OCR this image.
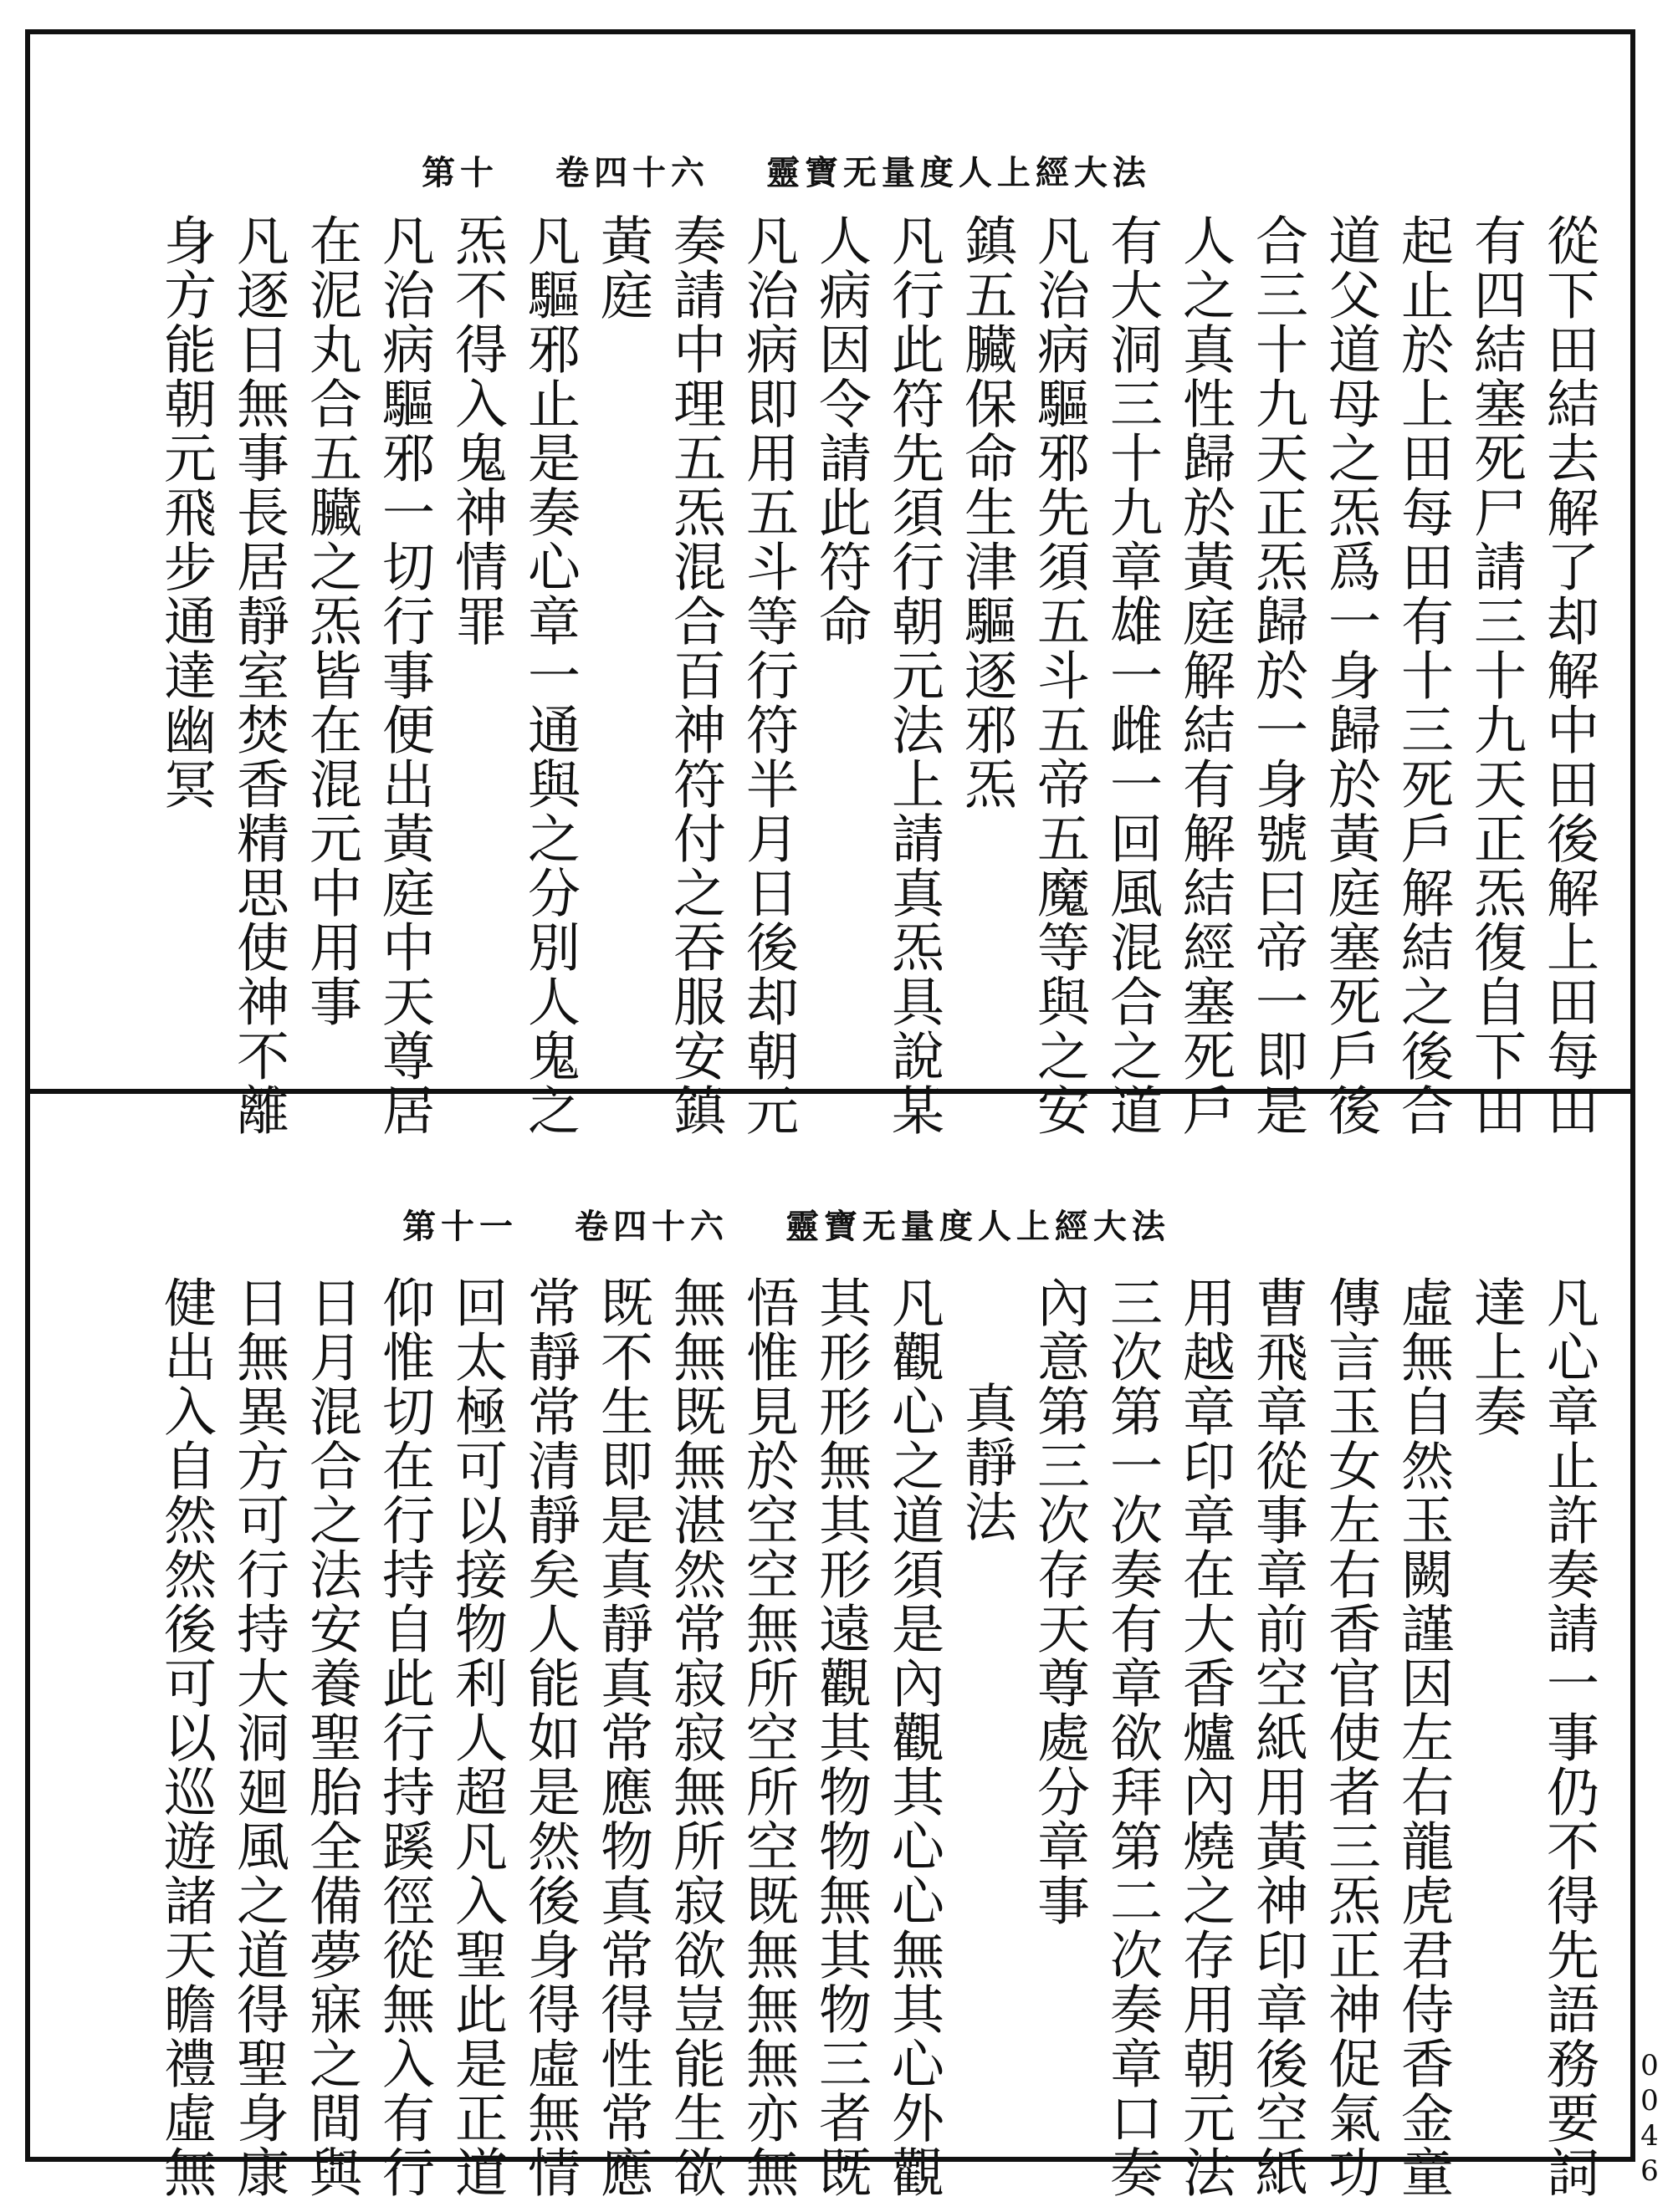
靈寶无量度人上經大法 卷四十六 第十
靈寶无量度人上經大法 卷四十六 第十一
從下田結去解了却解中田後解上田每田
有四結塞死尸請三十九天正炁復自下田
起止於上田每田有十三死戶解結之後合
道父道母之炁爲一身歸於黃庭塞死戶後
合三十九天正炁歸於一身號曰帝一即是
人之真性歸於黃庭解結有解結經塞死戶
有大洞三十九章雄一雌一回風混合之道
凡治病驅邪先須五斗五帝五魔等與之安
鎮五臟保命生津驅逐邪炁
凡行此符先須行朝元法上請真炁具說某
人病因令請此符命
凡治病即用五斗等行符半月日後却朝元
奏請中理五炁混合百神符付之吞服安鎮
黃庭
凡驅邪止是奏心章一通與之分別人鬼之
炁不得入鬼神情罪
凡治病驅邪一切行事便出黃庭中天尊居
在泥丸合五臟之炁皆在混元中用事
凡逐日無事長居靜室焚香精思使神不離
身方能朝元飛步通達幽冥
凡心章止許奏請一事仍不得先語務要詞
達上奏
虛無自然玉闕謹因左右龍虎君侍香金童
傳言玉女左右香官使者三炁正神促氣功
曹飛章從事章前空紙用黃神印章後空紙
用越章印章在大香爐內燒之存用朝元法
三次第一次奏有章欲拜第二次奏章口奏
內意第三次存天尊處分章事
真靜法
凡觀心之道須是內觀其心心無其心外觀
其形形無其形遠觀其物物無其物三者既
悟惟見於空空無所空所空既無無無亦無
無無既無湛然常寂寂無所寂欲豈能生欲
既不生即是真靜真常應物真常得性常應
常靜常清靜矣人能如是然後身得虛無情
回太極可以接物利人超凡入聖此是正道
仰惟切在行持自此行持蹊徑從無入有行
日月混合之法安養聖胎全備夢寐之間與
日無異方可行持大洞廻風之道得聖身康
健出入自然然後可以巡遊諸天瞻禮虛無	0046
